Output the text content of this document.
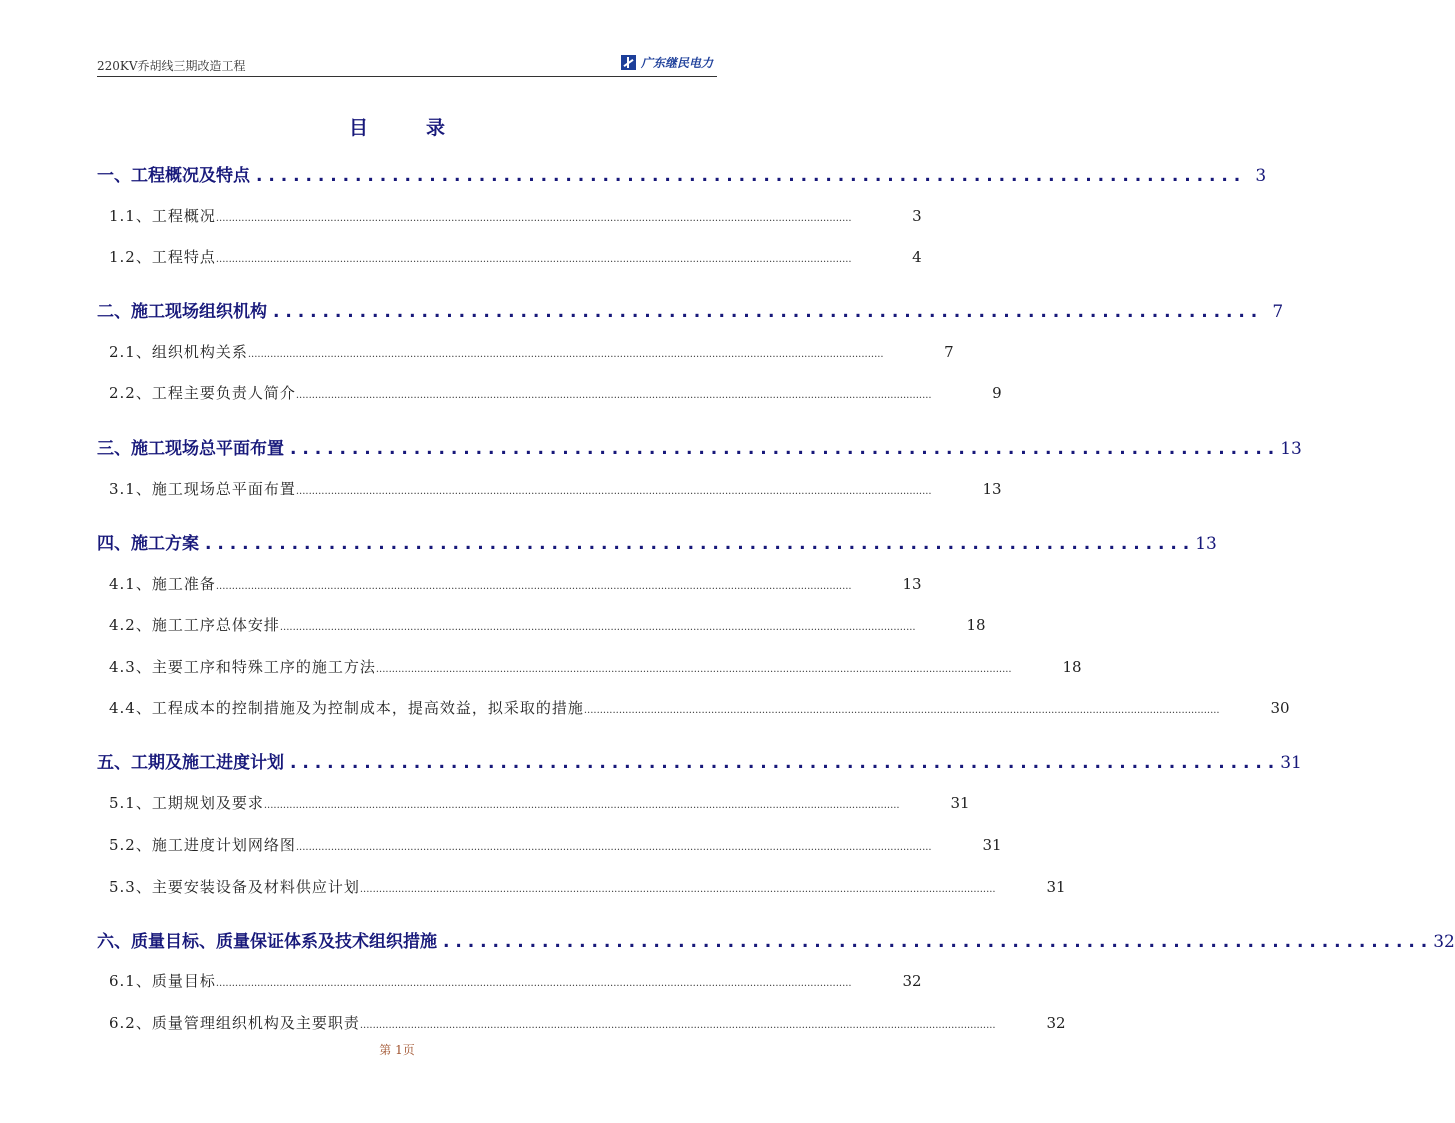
220KV乔胡线三期改造工程	广东继民电力
目录
一、工程概况及特点 . . . . . . . . . . . . . . . . . . . . . . . . . . . . . . . . . . . . . . . . . . . . . . . . . . . . . . . . . . . . . . . . . . . . . . . . . . . . . . . . 3
1.1、工程概况 ........................................................................................................................................................................................................	3
1.2、工程特点 ........................................................................................................................................................................................................	4
二、施工现场组织机构 . . . . . . . . . . . . . . . . . . . . . . . . . . . . . . . . . . . . . . . . . . . . . . . . . . . . . . . . . . . . . . . . . . . . . . . . . . . . . . . . 7
2.1、组织机构关系 ........................................................................................................................................................................................................	7
2.2、工程主要负责人简介 ........................................................................................................................................................................................................	9
三、施工现场总平面布置 . . . . . . . . . . . . . . . . . . . . . . . . . . . . . . . . . . . . . . . . . . . . . . . . . . . . . . . . . . . . . . . . . . . . . . . . . . . . . . . . 13
3.1、施工现场总平面布置 ........................................................................................................................................................................................................	13
四、施工方案 . . . . . . . . . . . . . . . . . . . . . . . . . . . . . . . . . . . . . . . . . . . . . . . . . . . . . . . . . . . . . . . . . . . . . . . . . . . . . . . . 13
4.1、施工准备 ........................................................................................................................................................................................................	13
4.2、施工工序总体安排 ........................................................................................................................................................................................................	18
4.3、主要工序和特殊工序的施工方法 ........................................................................................................................................................................................................	18
4.4、工程成本的控制措施及为控制成本，提高效益，拟采取的措施 ........................................................................................................................................................................................................	30
五、工期及施工进度计划 . . . . . . . . . . . . . . . . . . . . . . . . . . . . . . . . . . . . . . . . . . . . . . . . . . . . . . . . . . . . . . . . . . . . . . . . . . . . . . . . 31
5.1、工期规划及要求 ........................................................................................................................................................................................................	31
5.2、施工进度计划网络图 ........................................................................................................................................................................................................	31
5.3、主要安装设备及材料供应计划 ........................................................................................................................................................................................................	31
六、质量目标、质量保证体系及技术组织措施 . . . . . . . . . . . . . . . . . . . . . . . . . . . . . . . . . . . . . . . . . . . . . . . . . . . . . . . . . . . . . . . . . . . . . . . . . . . . . . . . 32
6.1、质量目标 ........................................................................................................................................................................................................	32
6.2、质量管理组织机构及主要职责 ........................................................................................................................................................................................................	32
第 1页
